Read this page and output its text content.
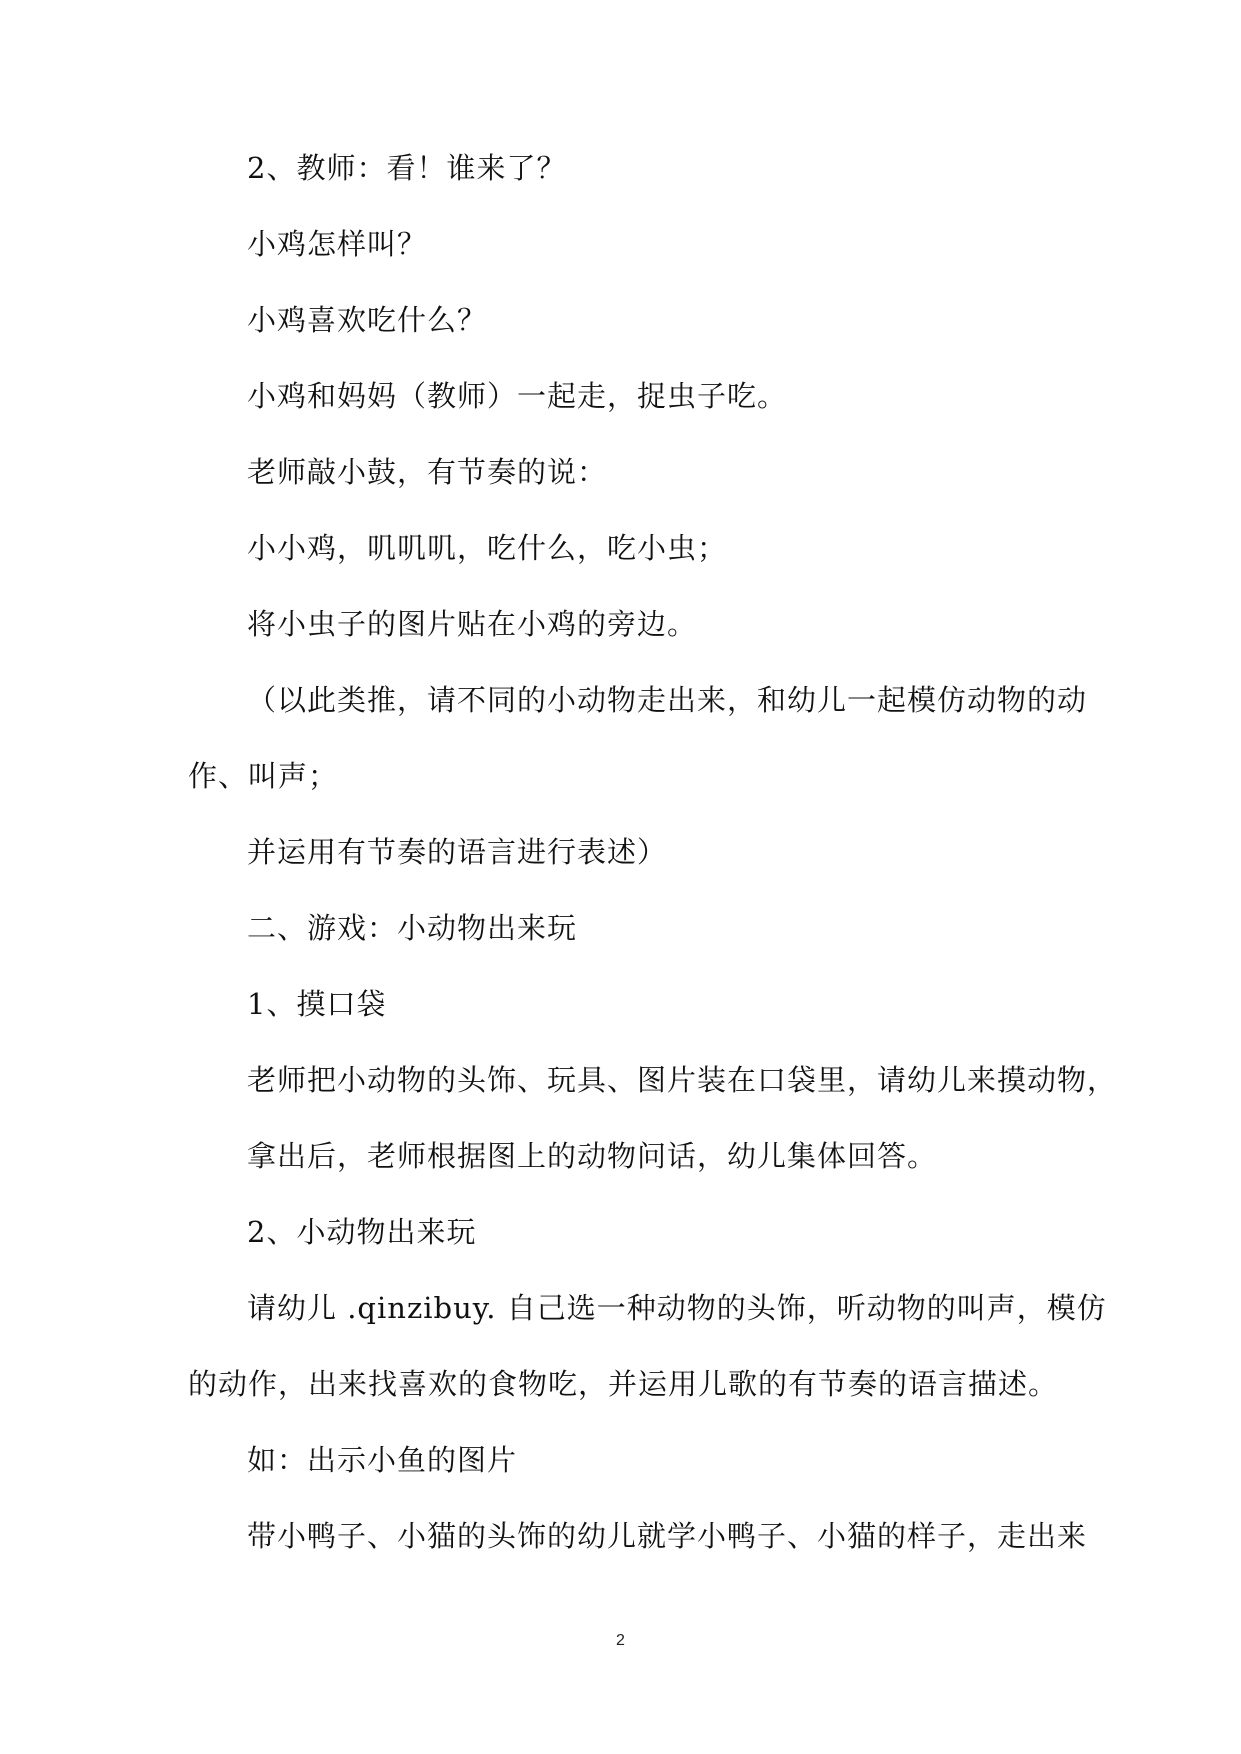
2、教师：看！谁来了？
小鸡怎样叫？
小鸡喜欢吃什么？
小鸡和妈妈（教师）一起走，捉虫子吃。
老师敲小鼓，有节奏的说：
小小鸡，叽叽叽，吃什么，吃小虫；
将小虫子的图片贴在小鸡的旁边。
（以此类推，请不同的小动物走出来，和幼儿一起模仿动物的动
作、叫声；
并运用有节奏的语言进行表述）
二、游戏：小动物出来玩
1、摸口袋
老师把小动物的头饰、玩具、图片装在口袋里，请幼儿来摸动物，
拿出后，老师根据图上的动物问话，幼儿集体回答。
2、小动物出来玩
请幼儿 .qinzibuy. 自己选一种动物的头饰，听动物的叫声，模仿
的动作，出来找喜欢的食物吃，并运用儿歌的有节奏的语言描述。
如：出示小鱼的图片
带小鸭子、小猫的头饰的幼儿就学小鸭子、小猫的样子，走出来
2
